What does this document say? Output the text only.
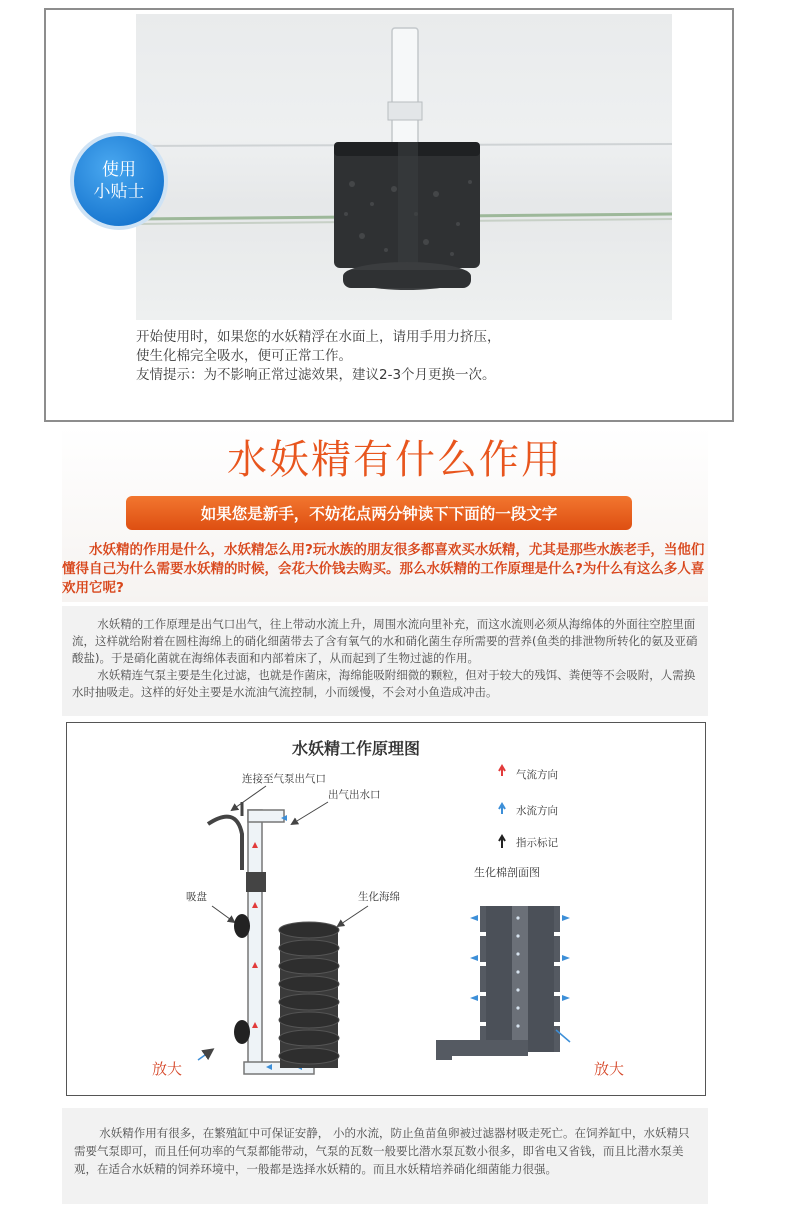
使用
小贴士

开始使用时，如果您的水妖精浮在水面上，请用手用力挤压，

使生化棉完全吸水，便可正常工作。

友情提示：为不影响正常过滤效果，建议2-3个月更换一次。

水妖精有什么作用
如果您是新手，不妨花点两分钟读下下面的一段文字
水妖精的作用是什么，水妖精怎么用?玩水族的朋友很多都喜欢买水妖精，尤其是那些水族老手，当他们懂得自己为什么需要水妖精的时候，会花大价钱去购买。那么水妖精的工作原理是什么?为什么有这么多人喜欢用它呢?

水妖精的工作原理是出气口出气，往上带动水流上升，周围水流向里补充，而这水流则必须从海绵体的外面往空腔里面流，这样就给附着在圆柱海绵上的硝化细菌带去了含有氧气的水和硝化菌生存所需要的营养(鱼类的排泄物所转化的氨及亚硝酸盐)。于是硝化菌就在海绵体表面和内部着床了，从而起到了生物过滤的作用。

水妖精连气泵主要是生化过滤，也就是作菌床，海绵能吸附细微的颗粒，但对于较大的残饵、粪便等不会吸附，人需换水时抽吸走。这样的好处主要是水流油气流控制，小而缓慢，不会对小鱼造成冲击。

水妖精工作原理图
连接至气泵出气口
出气出水口
吸盘	生化海绵
气流方向
水流方向
指示标记
生化棉剖面图
放大	放大
水妖精作用有很多，在繁殖缸中可保证安静， 小的水流，防止鱼苗鱼卵被过滤器材吸走死亡。在饲养缸中，水妖精只需要气泵即可，而且任何功率的气泵都能带动，气泵的瓦数一般要比潜水泵瓦数小很多，即省电又省钱，而且比潜水泵美观，在适合水妖精的饲养环境中，一般都是选择水妖精的。而且水妖精培养硝化细菌能力很强。
